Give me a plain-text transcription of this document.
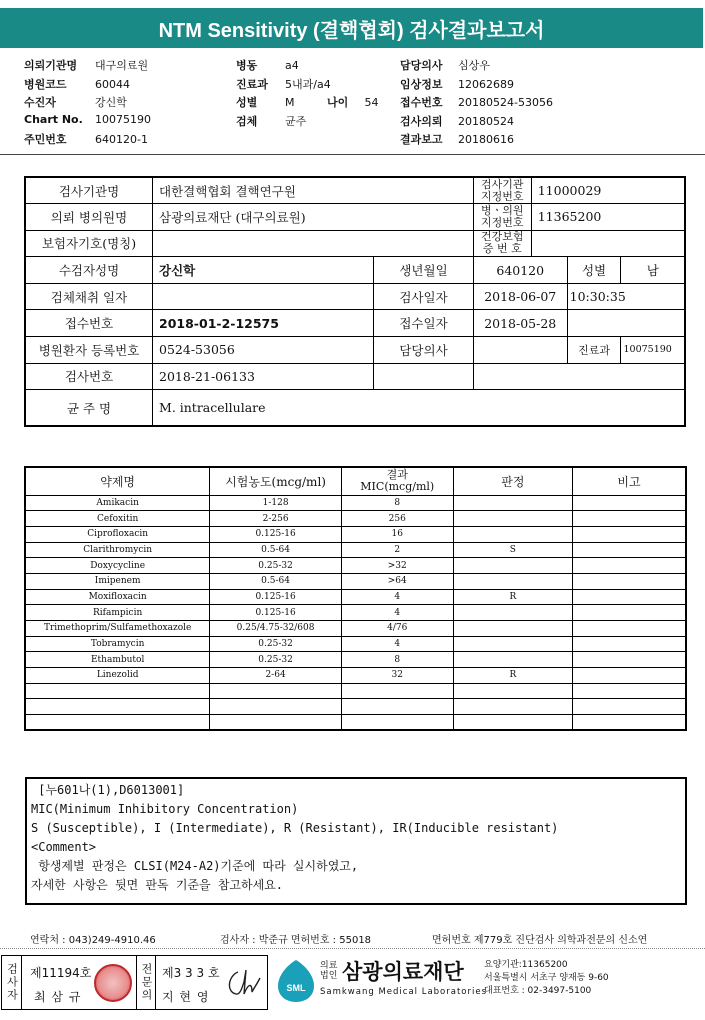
NTM Sensitivity (결핵협회) 검사결과보고서
의뢰기관명 대구의료원
병원코드	60044
수진자	강신학
Chart No. 10075190
주민번호	640120-1
병동	a4
진료과 5내과/a4
성별	M
검체	균주
담당의사 심상우
임상정보 12062689
접수번호 20180524-53056
검사의뢰 20180524
결과보고 20180616
나이 54
검사기관명	대한결핵협회 결핵연구원		검사기관 지정번호	11000029		
의뢰 병의원명	삼광의료재단 (대구의료원)		병ㆍ의원 지정번호	11365200		
보험자기호(명칭)			건강보험 증 번 호			
수검자성명	강신학	생년월일	640120		성별	남
검체채취 일자		검사일자	2018-06-07		10:30:35	
접수번호	2018-01-2-12575	접수일자	2018-05-28			
병원환자 등록번호	0524-53056	담당의사			진료과	10075190
검사번호	2018-21-06133					
균 주 명	M. intracellulare					
약제명	시험농도(mcg/ml)	결과
MIC(mcg/ml)	판정	비고
Amikacin	1-128	8		
Cefoxitin	2-256	256		
Ciprofloxacin	0.125-16	16		
Clarithromycin	0.5-64	2	S	
Doxycycline	0.25-32	>32		
Imipenem	0.5-64	>64		
Moxifloxacin	0.125-16	4	R	
Rifampicin	0.125-16	4		
Trimethoprim/Sulfamethoxazole	0.25/4.75-32/608	4/76		
Tobramycin	0.25-32	4		
Ethambutol	0.25-32	8		
Linezolid	2-64	32	R	

[누601나(1),D6013001]
MIC(Minimum Inhibitory Concentration)
S (Susceptible), I (Intermediate), R (Resistant), IR(Inducible resistant)
<Comment>
항생제별 판정은 CLSI(M24-A2)기준에 따라 실시하였고,
자세한 사항은 뒷면 판독 기준을 참고하세요.
연락처 : 043)249-4910.46	검사자 : 박준규 면허번호 : 55018	면허번호 제779호 진단검사 의학과전문의 신소연
검사자 제11194호
최 삼 규	전문의 제3 3 3 호
지 현 영
SML
의료법인 삼광의료재단
Samkwang Medical Laboratories
요양기관:11365200
서울특별시 서초구 양재동 9-60
대표번호 : 02-3497-5100
